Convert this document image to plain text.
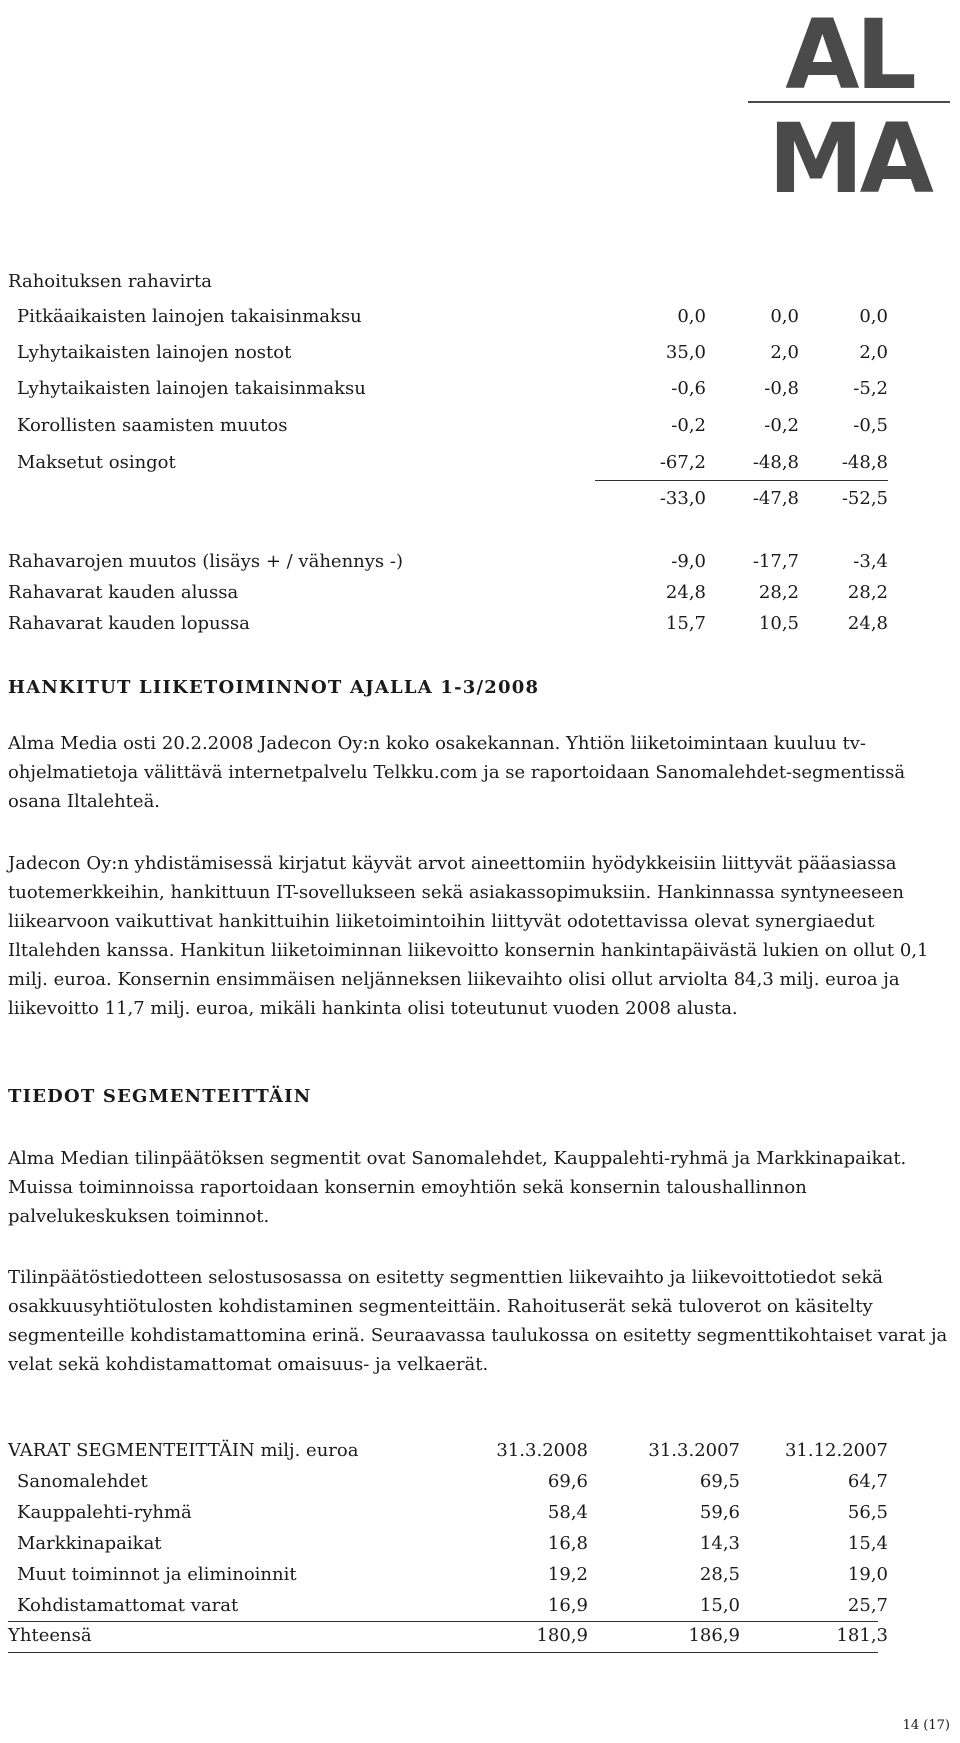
AL
MA
Rahoituksen rahavirta
Pitkäaikaisten lainojen takaisinmaksu	0,0	0,0	0,0
Lyhytaikaisten lainojen nostot	35,0	2,0	2,0
Lyhytaikaisten lainojen takaisinmaksu	-0,6	-0,8	-5,2
Korollisten saamisten muutos	-0,2	-0,2	-0,5
Maksetut osingot	-67,2	-48,8	-48,8
-33,0	-47,8	-52,5
Rahavarojen muutos (lisäys + / vähennys -)	-9,0	-17,7	-3,4
Rahavarat kauden alussa	24,8	28,2	28,2
Rahavarat kauden lopussa	15,7	10,5	24,8
HANKITUT LIIKETOIMINNOT AJALLA 1-3/2008

Alma Media osti 20.2.2008 Jadecon Oy:n koko osakekannan. Yhtiön liiketoimintaan kuuluu tv-ohjelmatietoja välittävä internetpalvelu Telkku.com ja se raportoidaan Sanomalehdet-segmentissä osana Iltalehteä.

Jadecon Oy:n yhdistämisessä kirjatut käyvät arvot aineettomiin hyödykkeisiin liittyvät pääasiassa tuotemerkkeihin, hankittuun IT-sovellukseen sekä asiakassopimuksiin. Hankinnassa syntyneeseen liikearvoon vaikuttivat hankittuihin liiketoimintoihin liittyvät odotettavissa olevat synergiaedut Iltalehden kanssa. Hankitun liiketoiminnan liikevoitto konsernin hankintapäivästä lukien on ollut 0,1 milj. euroa. Konsernin ensimmäisen neljänneksen liikevaihto olisi ollut arviolta 84,3 milj. euroa ja liikevoitto 11,7 milj. euroa, mikäli hankinta olisi toteutunut vuoden 2008 alusta.

TIEDOT SEGMENTEITTÄIN

Alma Median tilinpäätöksen segmentit ovat Sanomalehdet, Kauppalehti-ryhmä ja Markkinapaikat. Muissa toiminnoissa raportoidaan konsernin emoyhtiön sekä konsernin taloushallinnon palvelukeskuksen toiminnot.

Tilinpäätöstiedotteen selostusosassa on esitetty segmenttien liikevaihto ja liikevoittotiedot sekä osakkuusyhtiötulosten kohdistaminen segmenteittäin. Rahoituserät sekä tuloverot on käsitelty segmenteille kohdistamattomina erinä. Seuraavassa taulukossa on esitetty segmenttikohtaiset varat ja velat sekä kohdistamattomat omaisuus- ja velkaerät.

VARAT SEGMENTEITTÄIN milj. euroa	31.3.2008	31.3.2007	31.12.2007
Sanomalehdet	69,6	69,5	64,7
Kauppalehti-ryhmä	58,4	59,6	56,5
Markkinapaikat	16,8	14,3	15,4
Muut toiminnot ja eliminoinnit	19,2	28,5	19,0
Kohdistamattomat varat	16,9	15,0	25,7
Yhteensä	180,9	186,9	181,3
14 (17)
